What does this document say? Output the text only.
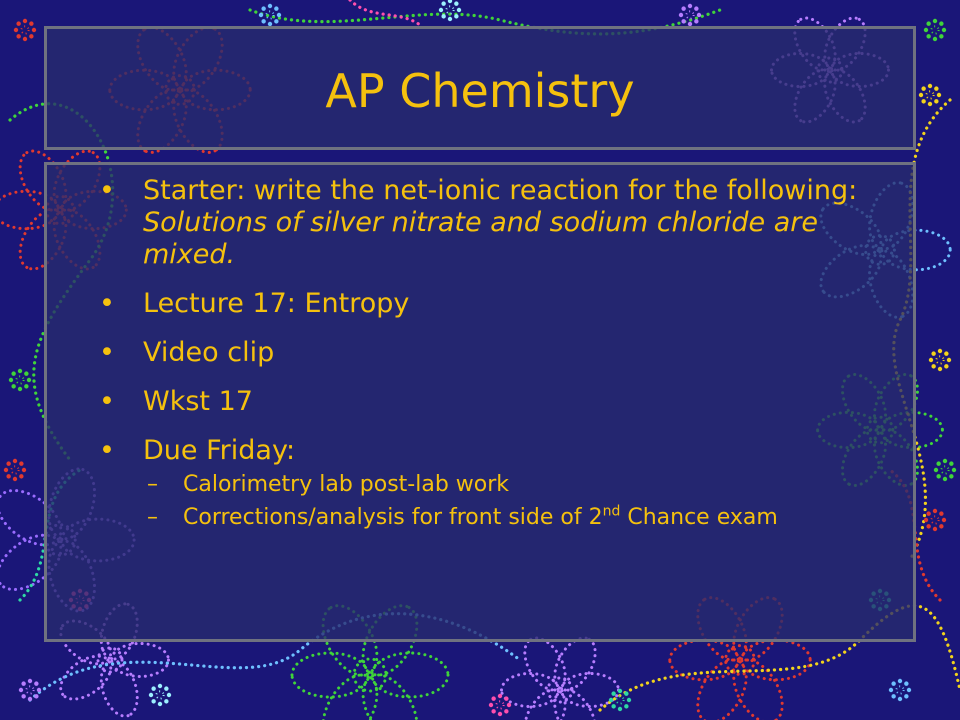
AP Chemistry
• Starter: write the net-ionic reaction for the following: Solutions of silver nitrate and sodium chloride are mixed.
• Lecture 17: Entropy
• Video clip
• Wkst 17
• Due Friday:
– Calorimetry lab post-lab work
– Corrections/analysis for front side of 2nd Chance exam
